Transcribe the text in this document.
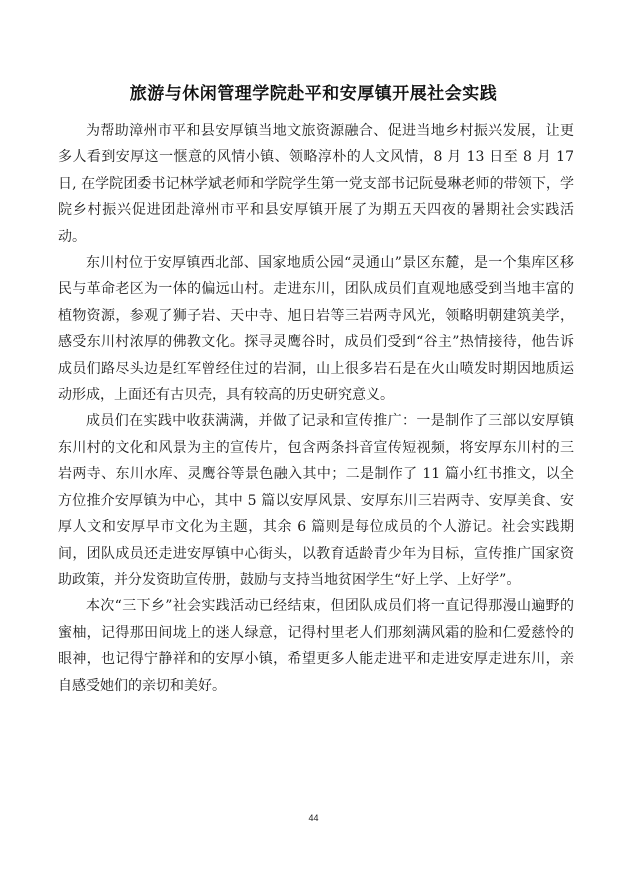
旅游与休闲管理学院赴平和安厚镇开展社会实践

为帮助漳州市平和县安厚镇当地文旅资源融合、促进当地乡村振兴发展，让更多人看到安厚这一惬意的风情小镇、领略淳朴的人文风情，8 月 13 日至 8 月 17 日, 在学院团委书记林学斌老师和学院学生第一党支部书记阮曼琳老师的带领下，学院乡村振兴促进团赴漳州市平和县安厚镇开展了为期五天四夜的暑期社会实践活动。

东川村位于安厚镇西北部、国家地质公园“灵通山”景区东麓，是一个集库区移民与革命老区为一体的偏远山村。走进东川，团队成员们直观地感受到当地丰富的植物资源，参观了狮子岩、天中寺、旭日岩等三岩两寺风光，领略明朝建筑美学，感受东川村浓厚的佛教文化。探寻灵鹰谷时，成员们受到“谷主”热情接待，他告诉成员们路尽头边是红军曾经住过的岩洞，山上很多岩石是在火山喷发时期因地质运动形成，上面还有古贝壳，具有较高的历史研究意义。

成员们在实践中收获满满，并做了记录和宣传推广：一是制作了三部以安厚镇东川村的文化和风景为主的宣传片，包含两条抖音宣传短视频，将安厚东川村的三岩两寺、东川水库、灵鹰谷等景色融入其中；二是制作了 11 篇小红书推文，以全方位推介安厚镇为中心，其中 5 篇以安厚风景、安厚东川三岩两寺、安厚美食、安厚人文和安厚早市文化为主题，其余 6 篇则是每位成员的个人游记。社会实践期间，团队成员还走进安厚镇中心街头，以教育适龄青少年为目标，宣传推广国家资助政策，并分发资助宣传册，鼓励与支持当地贫困学生“好上学、上好学”。

本次“三下乡”社会实践活动已经结束，但团队成员们将一直记得那漫山遍野的蜜柚，记得那田间垅上的迷人绿意，记得村里老人们那刻满风霜的脸和仁爱慈怜的眼神，也记得宁静祥和的安厚小镇，希望更多人能走进平和走进安厚走进东川，亲自感受她们的亲切和美好。

44
